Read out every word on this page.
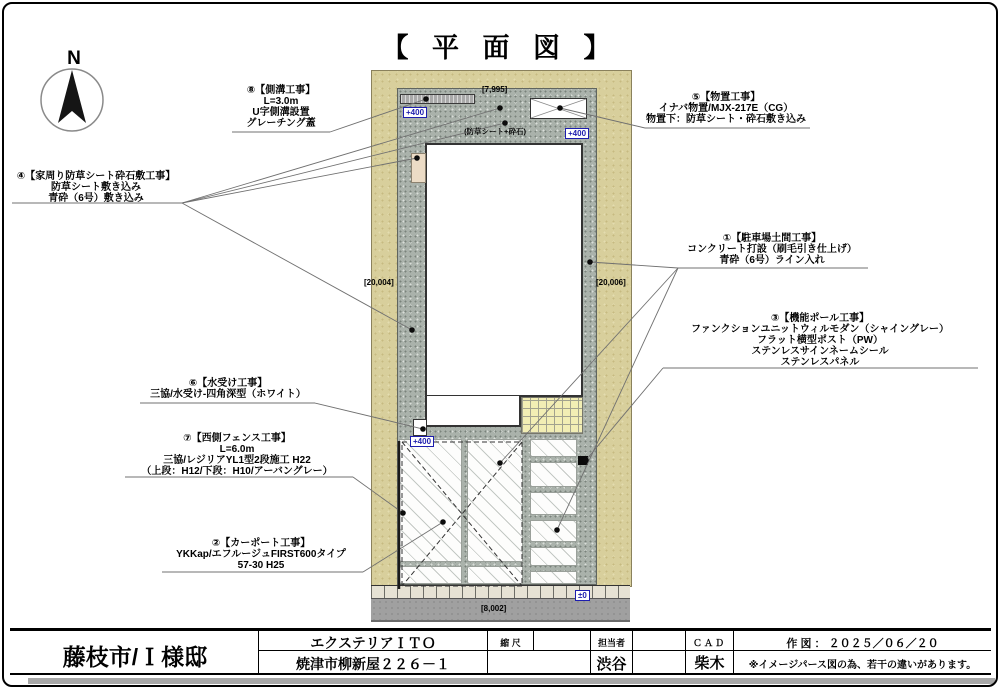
【 平 面 図 】
N
[7,995]
[20,004]	[20,006]
[8,002]
+400
+400
+400
±0
(防草シート+砕石)
①【駐車場土間工事】
コンクリート打設（刷毛引き仕上げ）
青砕（6号）ライン入れ
②【カーポート工事】
YKKap/エフルージュFIRST600タイプ
57-30 H25
③【機能ポール工事】
ファンクションユニットウィルモダン（シャイングレー）
フラット横型ポスト（PW）
ステンレスサインネームシール
ステンレスパネル
④【家周り防草シート砕石敷工事】
防草シート敷き込み
青砕（6号）敷き込み
⑤【物置工事】
イナバ物置/MJX-217E（CG）
物置下：防草シート・砕石敷き込み
⑥【水受け工事】
三協/水受け-四角深型（ホワイト）
⑦【西側フェンス工事】
L=6.0m
三協/レジリアYL1型2段施工 H22
（上段：H12/下段：H10/アーバングレー）
⑧【側溝工事】
L=3.0m
U字側溝設置
グレーチング蓋
藤枝市/Ｉ様邸
エクステリアＩＴＯ
焼津市柳新屋２２６－１
縮 尺	担当者
渋谷
ＣＡＤ
柴木
作 図 ： ２０２５／０６／２０
※イメージパース図の為、若干の違いがあります。
